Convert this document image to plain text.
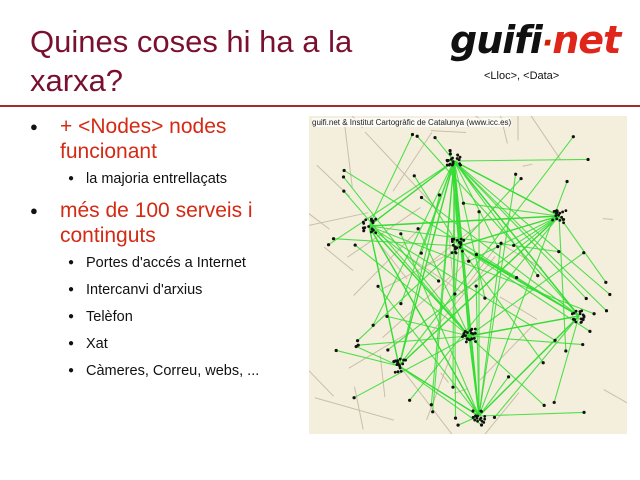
Quines coses hi ha a la xarxa?
guifi·net
<Lloc>, <Data>
●	+ <Nodes> nodes funcionant
● la majoria entrellaçats
●	més de 100 serveis i continguts
● Portes d'accés a Internet
● Intercanvi d'arxius
● Telèfon
● Xat
● Càmeres, Correu, webs, ...
guifi.net & Institut Cartogràfic de Catalunya (www.icc.es)
